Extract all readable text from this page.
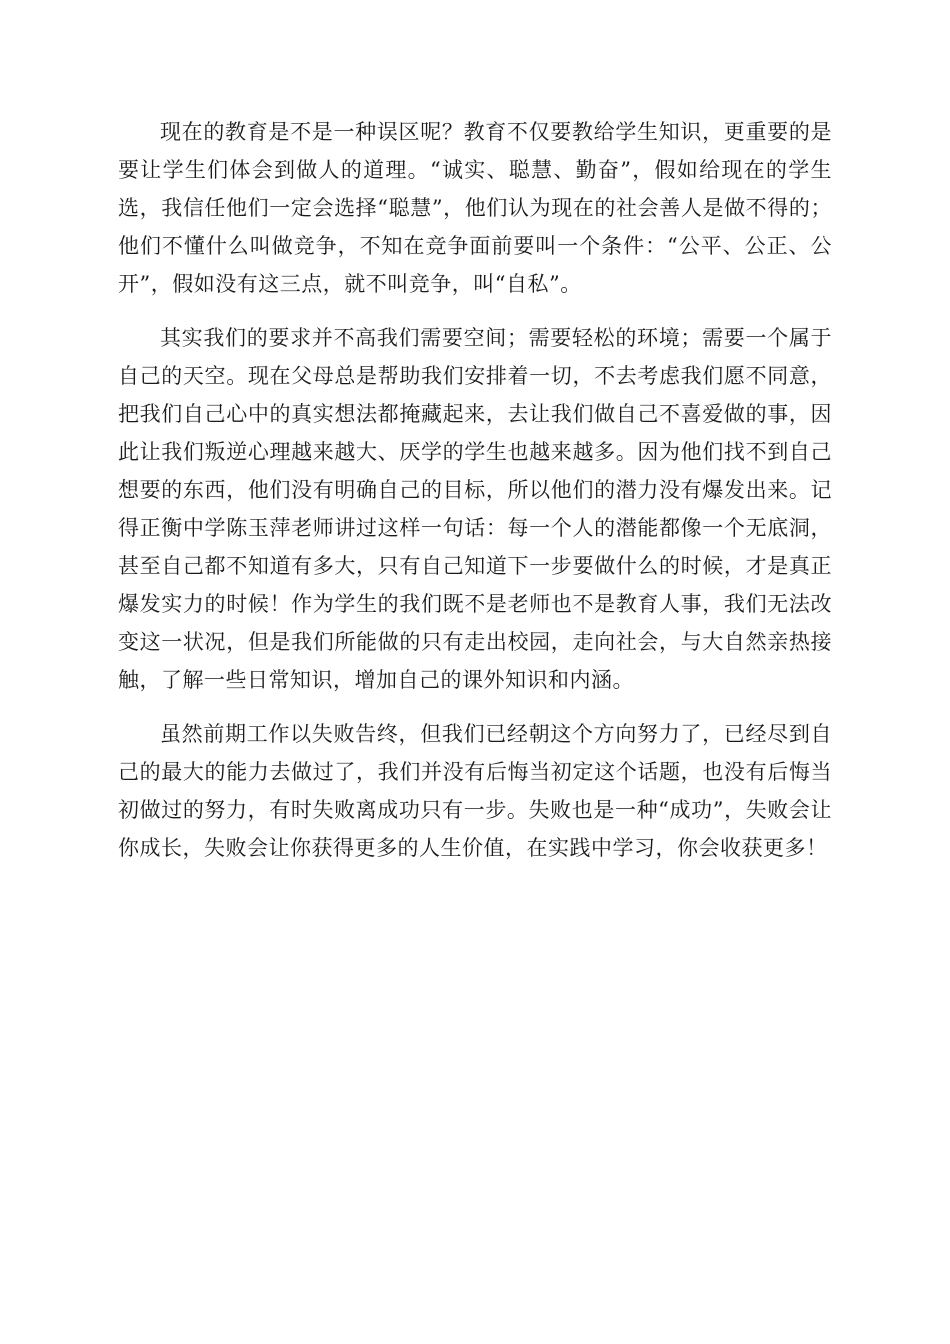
现在的教育是不是一种误区呢？教育不仅要教给学生知识，更重要的是要让学生们体会到做人的道理。“诚实、聪慧、勤奋”，假如给现在的学生选，我信任他们一定会选择“聪慧”，他们认为现在的社会善人是做不得的；他们不懂什么叫做竞争，不知在竞争面前要叫一个条件：“公平、公正、公开”，假如没有这三点，就不叫竞争，叫“自私”。

其实我们的要求并不高我们需要空间；需要轻松的环境；需要一个属于自己的天空。现在父母总是帮助我们安排着一切，不去考虑我们愿不同意，把我们自己心中的真实想法都掩藏起来，去让我们做自己不喜爱做的事，因此让我们叛逆心理越来越大、厌学的学生也越来越多。因为他们找不到自己想要的东西，他们没有明确自己的目标，所以他们的潜力没有爆发出来。记得正衡中学陈玉萍老师讲过这样一句话：每一个人的潜能都像一个无底洞，甚至自己都不知道有多大，只有自己知道下一步要做什么的时候，才是真正爆发实力的时候！作为学生的我们既不是老师也不是教育人事，我们无法改变这一状况，但是我们所能做的只有走出校园，走向社会，与大自然亲热接触，了解一些日常知识，增加自己的课外知识和内涵。

虽然前期工作以失败告终，但我们已经朝这个方向努力了，已经尽到自己的最大的能力去做过了，我们并没有后悔当初定这个话题，也没有后悔当初做过的努力，有时失败离成功只有一步。失败也是一种“成功”，失败会让你成长，失败会让你获得更多的人生价值，在实践中学习，你会收获更多！
